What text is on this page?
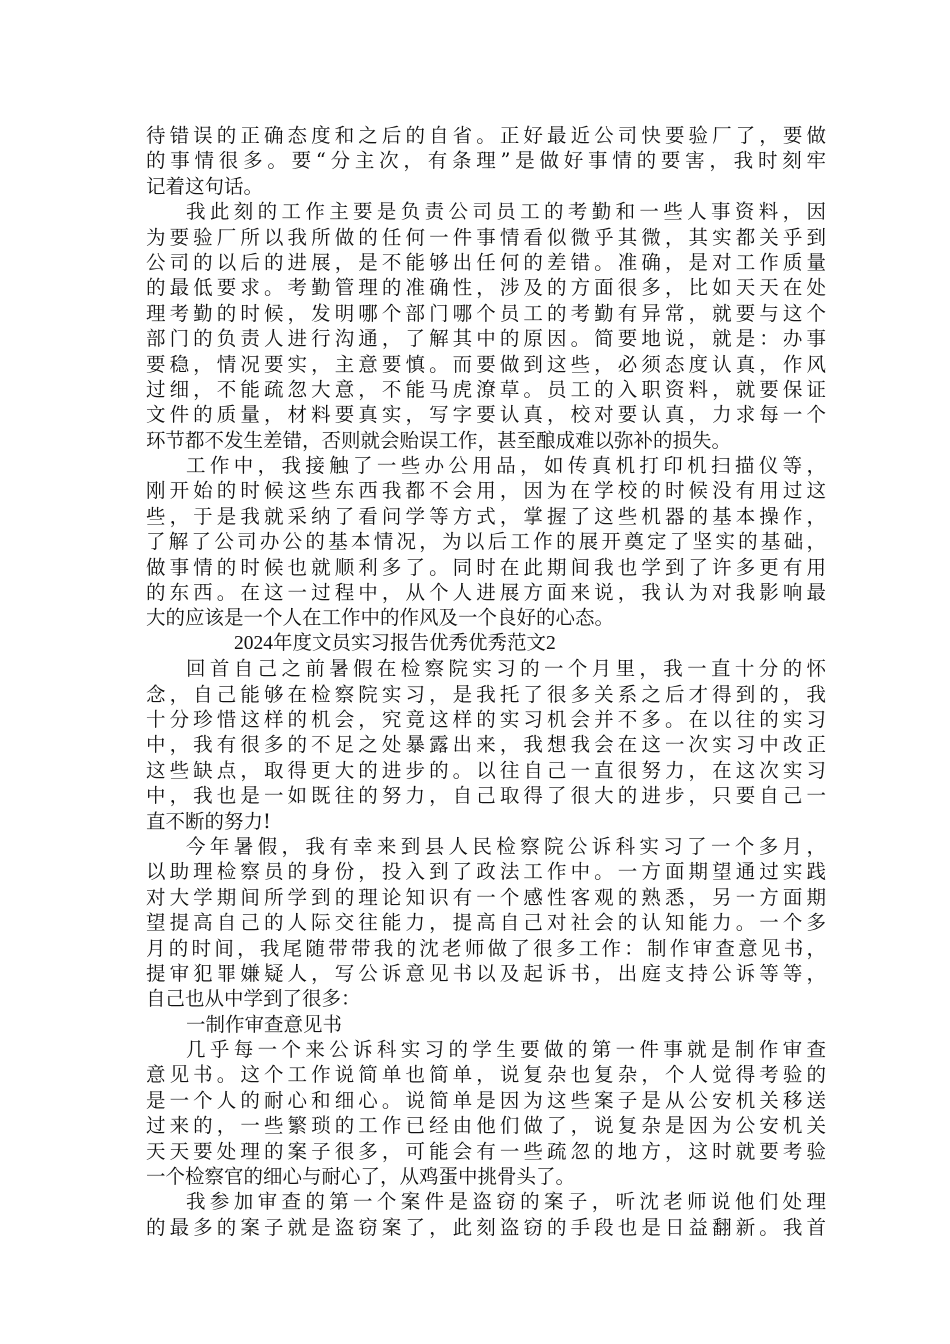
待错误的正确态度和之后的自省。正好最近公司快要验厂了，要做
的事情很多。要“分主次，有条理”是做好事情的要害，我时刻牢
记着这句话。
我此刻的工作主要是负责公司员工的考勤和一些人事资料，因
为要验厂所以我所做的任何一件事情看似微乎其微，其实都关乎到
公司的以后的进展，是不能够出任何的差错。准确，是对工作质量
的最低要求。考勤管理的准确性，涉及的方面很多，比如天天在处
理考勤的时候，发明哪个部门哪个员工的考勤有异常，就要与这个
部门的负责人进行沟通，了解其中的原因。简要地说，就是：办事
要稳，情况要实，主意要慎。而要做到这些，必须态度认真，作风
过细，不能疏忽大意，不能马虎潦草。员工的入职资料，就要保证
文件的质量，材料要真实，写字要认真，校对要认真，力求每一个
环节都不发生差错，否则就会贻误工作，甚至酿成难以弥补的损失。
工作中，我接触了一些办公用品，如传真机打印机扫描仪等，
刚开始的时候这些东西我都不会用，因为在学校的时候没有用过这
些，于是我就采纳了看问学等方式，掌握了这些机器的基本操作，
了解了公司办公的基本情况，为以后工作的展开奠定了坚实的基础，
做事情的时候也就顺利多了。同时在此期间我也学到了许多更有用
的东西。在这一过程中，从个人进展方面来说，我认为对我影响最
大的应该是一个人在工作中的作风及一个良好的心态。
2024年度文员实习报告优秀优秀范文2
回首自己之前暑假在检察院实习的一个月里，我一直十分的怀
念，自己能够在检察院实习，是我托了很多关系之后才得到的，我
十分珍惜这样的机会，究竟这样的实习机会并不多。在以往的实习
中，我有很多的不足之处暴露出来，我想我会在这一次实习中改正
这些缺点，取得更大的进步的。以往自己一直很努力，在这次实习
中，我也是一如既往的努力，自己取得了很大的进步，只要自己一
直不断的努力!
今年暑假，我有幸来到县人民检察院公诉科实习了一个多月，
以助理检察员的身份，投入到了政法工作中。一方面期望通过实践
对大学期间所学到的理论知识有一个感性客观的熟悉，另一方面期
望提高自己的人际交往能力，提高自己对社会的认知能力。一个多
月的时间，我尾随带带我的沈老师做了很多工作：制作审查意见书，
提审犯罪嫌疑人，写公诉意见书以及起诉书，出庭支持公诉等等，
自己也从中学到了很多：
一制作审查意见书
几乎每一个来公诉科实习的学生要做的第一件事就是制作审查
意见书。这个工作说简单也简单，说复杂也复杂，个人觉得考验的
是一个人的耐心和细心。说简单是因为这些案子是从公安机关移送
过来的，一些繁琐的工作已经由他们做了，说复杂是因为公安机关
天天要处理的案子很多，可能会有一些疏忽的地方，这时就要考验
一个检察官的细心与耐心了，从鸡蛋中挑骨头了。
我参加审查的第一个案件是盗窃的案子，听沈老师说他们处理
的最多的案子就是盗窃案了，此刻盗窃的手段也是日益翻新。我首
